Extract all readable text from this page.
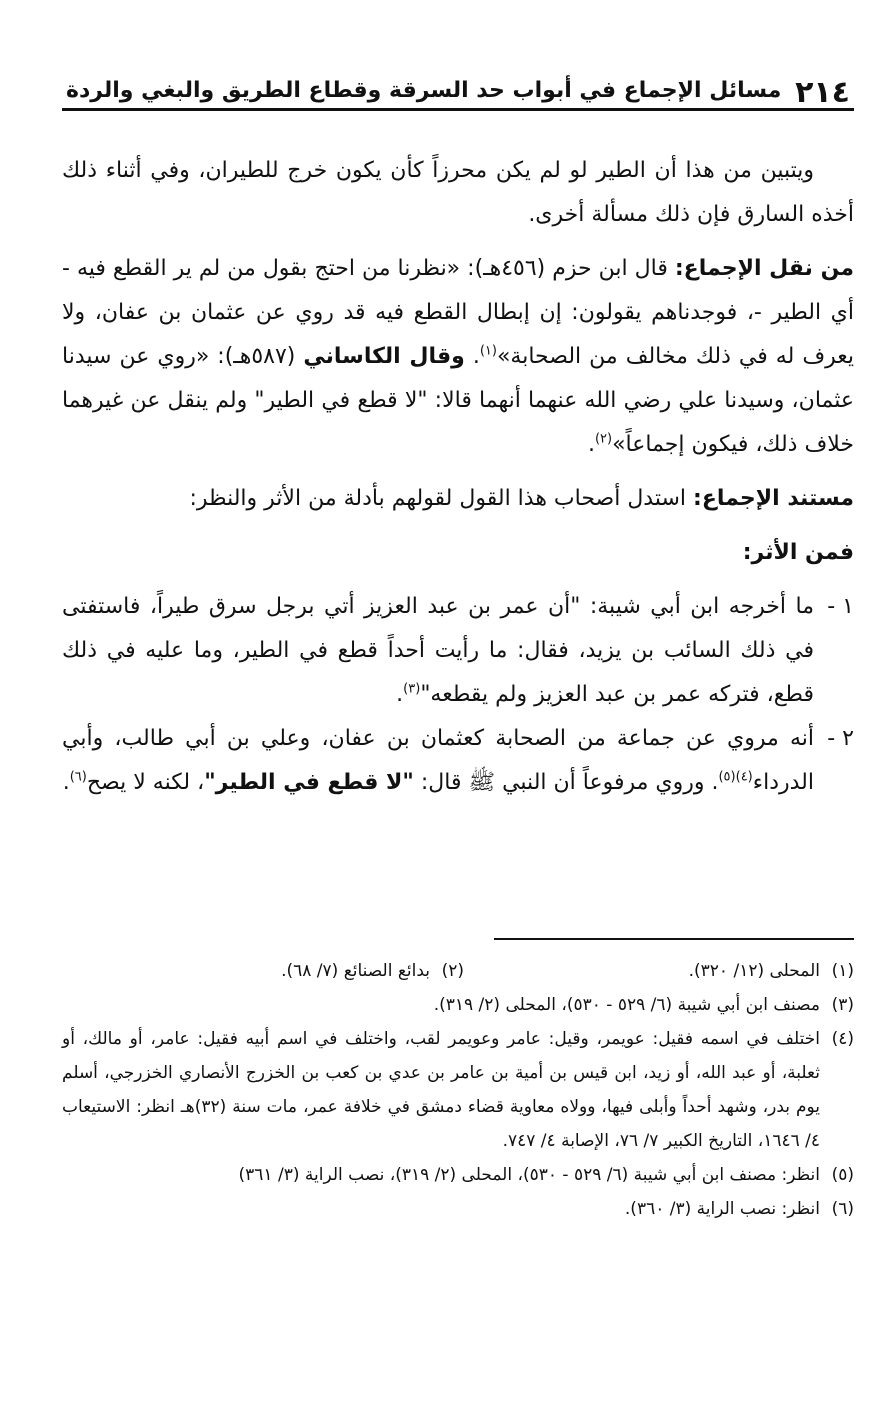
٢١٤
مسائل الإجماع في أبواب حد السرقة وقطاع الطريق والبغي والردة

ويتبين من هذا أن الطير لو لم يكن محرزاً كأن يكون خرج للطيران، وفي أثناء ذلك أخذه السارق فإن ذلك مسألة أخرى.

من نقل الإجماع: قال ابن حزم (٤٥٦هـ): «نظرنا من احتج بقول من لم ير القطع فيه - أي الطير -، فوجدناهم يقولون: إن إبطال القطع فيه قد روي عن عثمان بن عفان، ولا يعرف له في ذلك مخالف من الصحابة»$^{(١)}$. وقال الكاساني (٥٨٧هـ): «روي عن سيدنا عثمان، وسيدنا علي رضي الله عنهما أنهما قالا: "لا قطع في الطير" ولم ينقل عن غيرهما خلاف ذلك، فيكون إجماعاً»$^{(٢)}$.

مستند الإجماع: استدل أصحاب هذا القول لقولهم بأدلة من الأثر والنظر:

فمن الأثر:

١ -
ما أخرجه ابن أبي شيبة: "أن عمر بن عبد العزيز أتي برجل سرق طيراً، فاستفتى في ذلك السائب بن يزيد، فقال: ما رأيت أحداً قطع في الطير، وما عليه في ذلك قطع، فتركه عمر بن عبد العزيز ولم يقطعه"$^{(٣)}$.
٢ -
أنه مروي عن جماعة من الصحابة كعثمان بن عفان، وعلي بن أبي طالب، وأبي الدرداء$^{(٤)(٥)}$. وروي مرفوعاً أن النبي ﷺ قال: "لا قطع في الطير"، لكنه لا يصح$^{(٦)}$.
(١)
المحلى (١٢/ ٣٢٠).
(٢)
بدائع الصنائع (٧/ ٦٨).
(٣)
مصنف ابن أبي شيبة (٦/ ٥٢٩ - ٥٣٠)، المحلى (٢/ ٣١٩).
(٤)
اختلف في اسمه فقيل: عويمر، وقيل: عامر وعويمر لقب، واختلف في اسم أبيه فقيل: عامر، أو مالك، أو ثعلبة، أو عبد الله، أو زيد، ابن قيس بن أمية بن عامر بن عدي بن كعب بن الخزرج الأنصاري الخزرجي، أسلم يوم بدر، وشهد أحداً وأبلى فيها، وولاه معاوية قضاء دمشق في خلافة عمر، مات سنة (٣٢)هـ انظر: الاستيعاب ٤/ ١٦٤٦، التاريخ الكبير ٧/ ٧٦، الإصابة ٤/ ٧٤٧.
(٥)
انظر: مصنف ابن أبي شيبة (٦/ ٥٢٩ - ٥٣٠)، المحلى (٢/ ٣١٩)، نصب الراية (٣/ ٣٦١)
(٦)
انظر: نصب الراية (٣/ ٣٦٠).
